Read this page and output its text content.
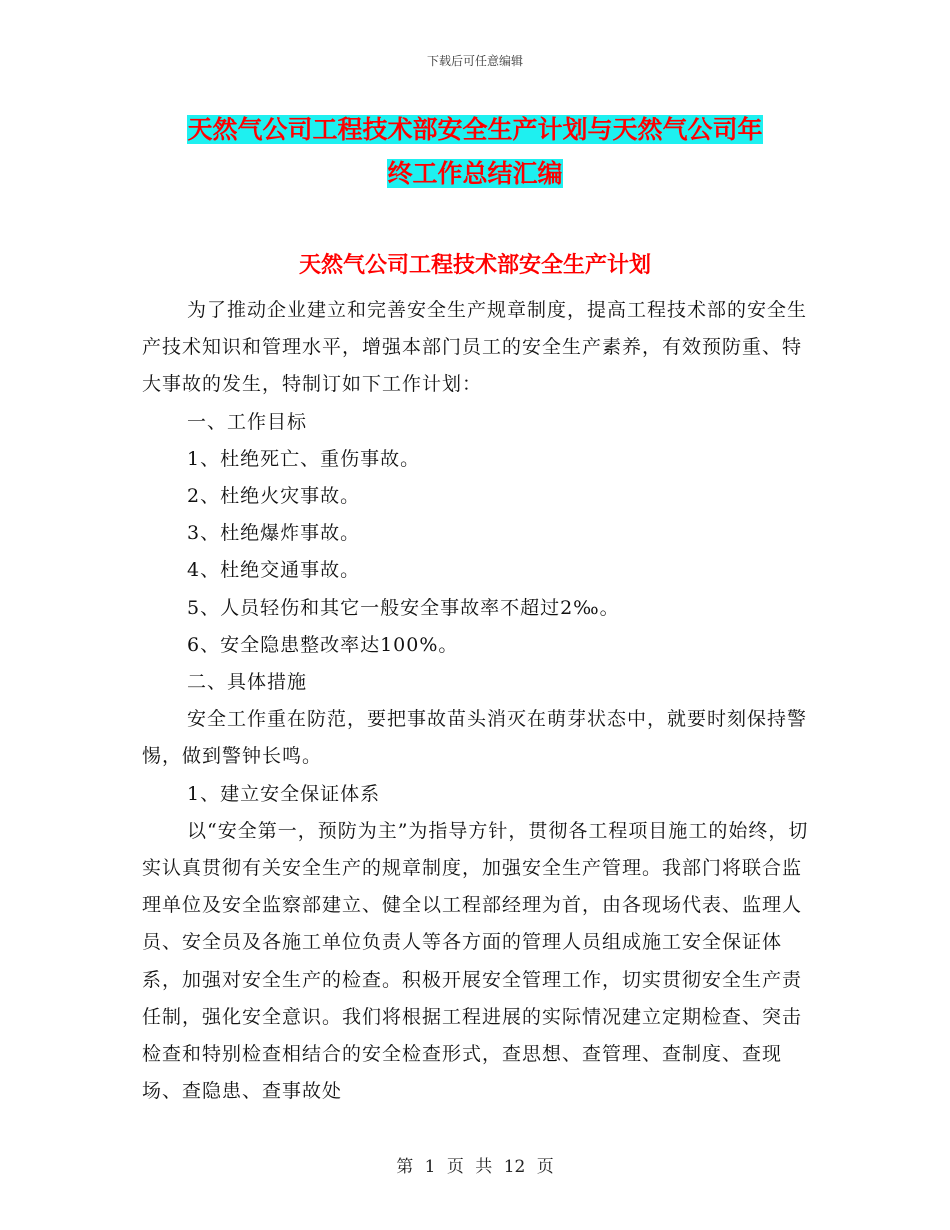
下载后可任意编辑
天然气公司工程技术部安全生产计划与天然气公司年
终工作总结汇编
天然气公司工程技术部安全生产计划

为了推动企业建立和完善安全生产规章制度，提高工程技术部的安全生产技术知识和管理水平，增强本部门员工的安全生产素养，有效预防重、特大事故的发生，特制订如下工作计划：

一、工作目标

1、杜绝死亡、重伤事故。

2、杜绝火灾事故。

3、杜绝爆炸事故。

4、杜绝交通事故。

5、人员轻伤和其它一般安全事故率不超过2‰。

6、安全隐患整改率达100%。

二、具体措施

安全工作重在防范，要把事故苗头消灭在萌芽状态中，就要时刻保持警惕，做到警钟长鸣。

1、建立安全保证体系

以“安全第一，预防为主”为指导方针，贯彻各工程项目施工的始终，切实认真贯彻有关安全生产的规章制度，加强安全生产管理。我部门将联合监理单位及安全监察部建立、健全以工程部经理为首，由各现场代表、监理人员、安全员及各施工单位负责人等各方面的管理人员组成施工安全保证体系，加强对安全生产的检查。积极开展安全管理工作，切实贯彻安全生产责任制，强化安全意识。我们将根据工程进展的实际情况建立定期检查、突击检查和特别检查相结合的安全检查形式，查思想、查管理、查制度、查现场、查隐患、查事故处

第 1 页 共 12 页
